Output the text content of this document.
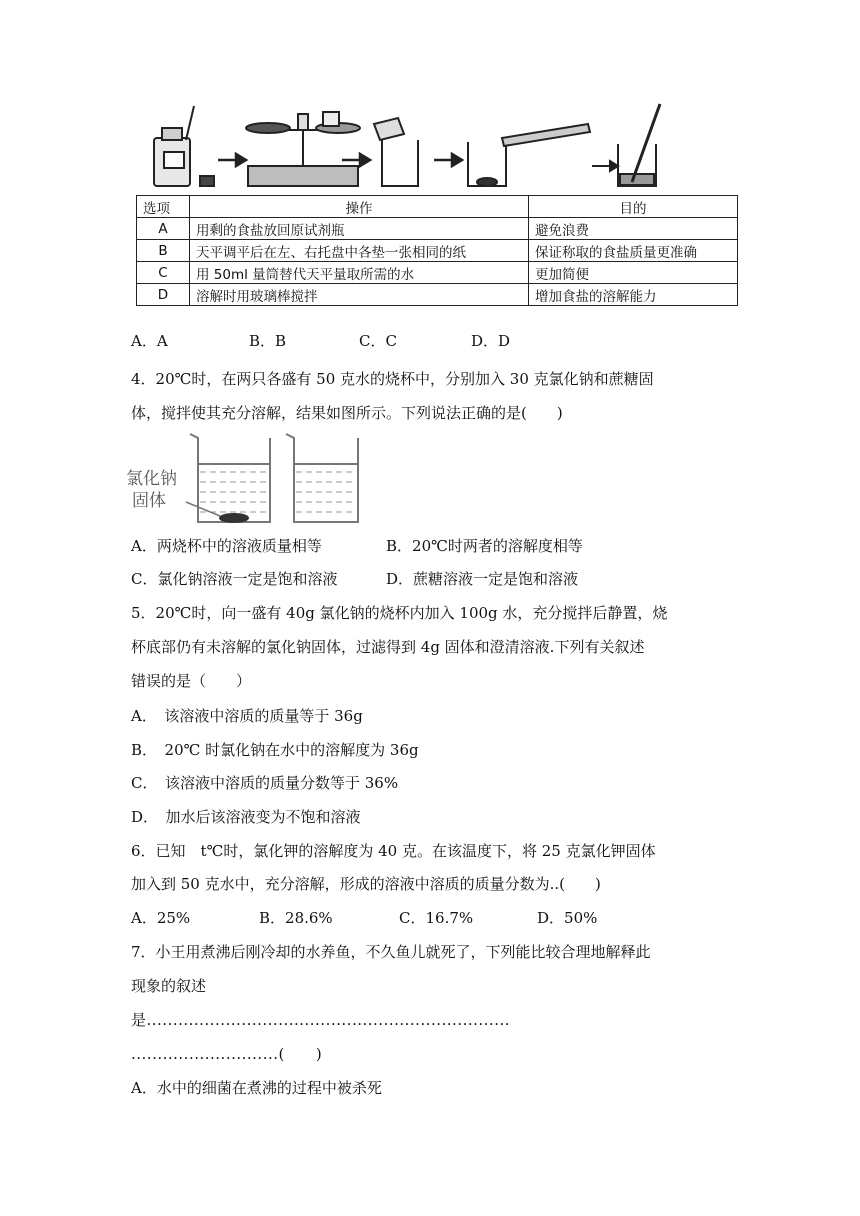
选项	操作	目的
A	用剩的食盐放回原试剂瓶	避免浪费
B	天平调平后在左、右托盘中各垫一张相同的纸	保证称取的食盐质量更准确
C	用 50ml 量筒替代天平量取所需的水	更加简便
D	溶解时用玻璃棒搅拌	增加食盐的溶解能力
A．A	B．B	C．C	D．D
4．20℃时，在两只各盛有 50 克水的烧杯中，分别加入 30 克氯化钠和蔗糖固
体，搅拌使其充分溶解，结果如图所示。下列说法正确的是(　　)
氯化钠
固体
A．两烧杯中的溶液质量相等	B．20℃时两者的溶解度相等
C．氯化钠溶液一定是饱和溶液	D．蔗糖溶液一定是饱和溶液
5．20℃时，向一盛有 40g 氯化钠的烧杯内加入 100g 水，充分搅拌后静置，烧
杯底部仍有未溶解的氯化钠固体，过滤得到 4g 固体和澄清溶液.下列有关叙述
错误的是（　　）
A．　该溶液中溶质的质量等于 36g
B．　20℃ 时氯化钠在水中的溶解度为 36g
C．　该溶液中溶质的质量分数等于 36%
D．　加水后该溶液变为不饱和溶液
6．已知　t℃时，氯化钾的溶解度为 40 克。在该温度下，将 25 克氯化钾固体
加入到 50 克水中，充分溶解，形成的溶液中溶质的质量分数为..(　　)
A．25%	B．28.6%	C．16.7%	D．50%
7．小王用煮沸后刚冷却的水养鱼，不久鱼儿就死了，下列能比较合理地解释此
现象的叙述
是.....................................................................
............................(　　)
A．水中的细菌在煮沸的过程中被杀死
